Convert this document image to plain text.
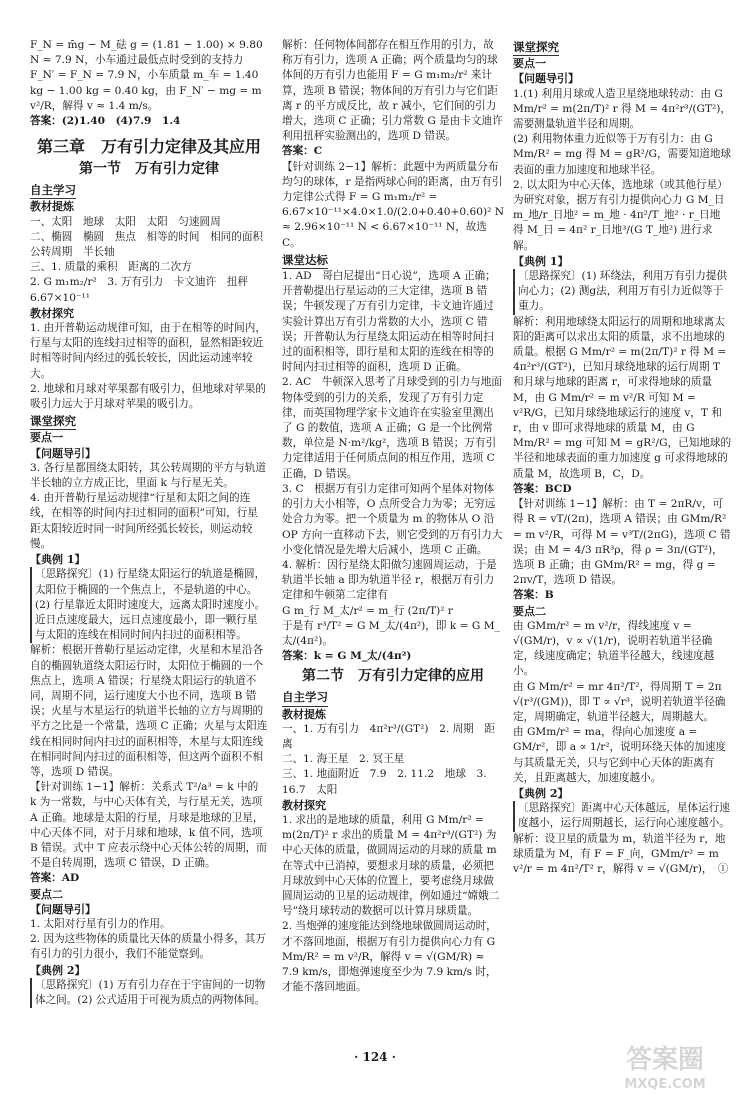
F_N = m̄g − M_砝 g = (1.81 − 1.00) × 9.80 N ≈ 7.9 N，小车通过最低点时受到的支持力 F_N′ = F_N = 7.9 N，小车质量 m_车 = 1.40 kg − 1.00 kg = 0.40 kg，由 F_N′ − mg = m v²/R，解得 v ≈ 1.4 m/s。

答案：(2)1.40　(4)7.9　1.4

第三章　万有引力定律及其应用

第一节　万有引力定律

自主学习

教材提炼

一、太阳　地球　太阳　太阳　匀速圆周

二、椭圆　椭圆　焦点　相等的时间　相同的面积　公转周期　半长轴

三、1. 质量的乘积　距离的二次方

2. G m₁m₂/r²　3. 万有引力　卡文迪许　扭秤　6.67×10⁻¹¹

教材探究

1. 由开普勒运动规律可知，由于在相等的时间内，行星与太阳的连线扫过相等的面积，显然相距较近时相等时间内经过的弧长较长，因此运动速率较大。

2. 地球和月球对苹果都有吸引力，但地球对苹果的吸引力远大于月球对苹果的吸引力。

课堂探究

要点一

【问题导引】

3. 各行星都围绕太阳转，其公转周期的平方与轨道半长轴的立方成正比，里面 k 与行星无关。

4. 由开普勒行星运动规律“行星和太阳之间的连线，在相等的时间内扫过相同的面积”可知，行星距太阳较近时同一时间所经弧长较长，则运动较慢。

【典例 1】

〔思路探究〕(1) 行星绕太阳运行的轨道是椭圆，太阳位于椭圆的一个焦点上，不是轨道的中心。(2) 行星靠近太阳时速度大，远离太阳时速度小。近日点速度最大，远日点速度最小，即一颗行星与太阳的连线在相同时间内扫过的面积相等。

解析：根据开普勒行星运动定律，火星和木星沿各自的椭圆轨道绕太阳运行时，太阳位于椭圆的一个焦点上，选项 A 错误；行星绕太阳运行的轨道不同，周期不同，运行速度大小也不同，选项 B 错误；火星与木星运行的轨道半长轴的立方与周期的平方之比是一个常量，选项 C 正确；火星与太阳连线在相同时间内扫过的面积相等，木星与太阳连线在相同时间内扫过的面积相等，但这两个面积不相等，选项 D 错误。

【针对训练 1−1】解析：关系式 T²/a³ = k 中的 k 为一常数，与中心天体有关，与行星无关，选项 A 正确。地球是太阳的行星，月球是地球的卫星，中心天体不同，对于月球和地球，k 值不同，选项 B 错误。式中 T 应表示绕中心天体公转的周期，而不是自转周期，选项 C 错误，D 正确。

答案：AD

要点二

【问题导引】

1. 太阳对行星有引力的作用。

2. 因为这些物体的质量比天体的质量小得多，其万有引力的引力很小，我们不能觉察到。

【典例 2】

〔思路探究〕(1) 万有引力存在于宇宙间的一切物体之间。(2) 公式适用于可视为质点的两物体间。

解析：任何物体间都存在相互作用的引力，故称万有引力，选项 A 正确；两个质量均匀的球体间的万有引力也能用 F = G m₁m₂/r² 来计算，选项 B 错误；物体间的万有引力与它们距离 r 的平方成反比，故 r 减小，它们间的引力增大，选项 C 正确；引力常数 G 是由卡文迪许利用扭秤实验测出的，选项 D 错误。

答案：C

【针对训练 2−1】解析：此题中为两质量分布均匀的球体，r 是指两球心间的距离，由万有引力定律公式得 F = G m₁m₂/r² = 6.67×10⁻¹¹×4.0×1.0/(2.0+0.40+0.60)² N ≈ 2.96×10⁻¹¹ N < 6.67×10⁻¹¹ N，故选 C。

课堂达标

1. AD　哥白尼提出“日心说”，选项 A 正确；开普勒提出行星运动的三大定律，选项 B 错误；牛顿发现了万有引力定律，卡文迪许通过实验计算出万有引力常数的大小，选项 C 错误；开普勒认为行星绕太阳运动在相等时间扫过的面积相等，即行星和太阳的连线在相等的时间内扫过相等的面积，选项 D 正确。

2. AC　牛顿深入思考了月球受到的引力与地面物体受到的引力的关系，发现了万有引力定律，而英国物理学家卡文迪许在实验室里测出了 G 的数值，选项 A 正确；G 是一个比例常数，单位是 N·m²/kg²，选项 B 错误；万有引力定律适用于任何质点间的相互作用，选项 C 正确，D 错误。

3. C　根据万有引力定律可知两个星体对物体的引力大小相等，O 点所受合力为零；无穷远处合力为零。把一个质量为 m 的物体从 O 沿 OP 方向一直移动下去，则它受到的万有引力大小变化情况是先增大后减小，选项 C 正确。

4. 解析：因行星绕太阳做匀速圆周运动，于是轨道半长轴 a 即为轨道半径 r，根据万有引力定律和牛顿第二定律有

G m_行 M_太/r² = m_行 (2π/T)² r

于是有 r³/T² = G M_太/(4π²)，即 k = G M_太/(4π²)。

答案：k = G M_太/(4π²)

第二节　万有引力定律的应用

自主学习

教材提炼

一、1. 万有引力　4π²r³/(GT²)　2. 周期　距离

二、1. 海王星　2. 冥王星

三、1. 地面附近　7.9　2. 11.2　地球　3. 16.7　太阳

教材探究

1. 求出的是地球的质量，利用 G Mm/r² = m(2π/T)² r 求出的质量 M = 4π²r³/(GT²) 为中心天体的质量，做圆周运动的月球的质量 m 在等式中已消掉，要想求月球的质量，必须把月球放到中心天体的位置上，要考虑绕月球做圆周运动的卫星的运动规律，例如通过“嫦娥二号”绕月球转动的数据可以计算月球质量。

2. 当炮弹的速度能达到绕地球做圆周运动时，才不落回地面，根据万有引力提供向心力有 G Mm/R² = m v²/R，解得 v = √(GM/R) ≈ 7.9 km/s，即炮弹速度至少为 7.9 km/s 时，才能不落回地面。

课堂探究

要点一

【问题导引】

1.(1) 利用月球或人造卫星绕地球转动：由 G Mm/r² = m(2π/T)² r 得 M = 4π²r³/(GT²)，需要测量轨道半径和周期。

(2) 利用物体重力近似等于万有引力：由 G Mm/R² = mg 得 M = gR²/G，需要知道地球表面的重力加速度和地球半径。

2. 以太阳为中心天体，选地球（或其他行星）为研究对象，据万有引力提供向心力 G M_日 m_地/r_日地² = m_地 · 4π²/T_地² · r_日地 得 M_日 = 4π² r_日地³/(G T_地²) 进行求解。

【典例 1】

〔思路探究〕(1) 环绕法，利用万有引力提供向心力；(2) 测g法，利用万有引力近似等于重力。

解析：利用地球绕太阳运行的周期和地球离太阳的距离可以求出太阳的质量，求不出地球的质量。根据 G Mm/r² = m(2π/T)² r 得 M = 4π²r³/(GT²)，已知月球绕地球的运行周期 T 和月球与地球的距离 r，可求得地球的质量 M，由 G Mm/r² = m v²/R 可知 M = v²R/G，已知月球绕地球运行的速度 v，T 和 r，由 v 即可求得地球的质量 M，由 G Mm/R² = mg 可知 M = gR²/G，已知地球的半径和地球表面的重力加速度 g 可求得地球的质量 M，故选项 B，C，D。

答案：BCD

【针对训练 1−1】解析：由 T = 2πR/v，可得 R = vT/(2π)，选项 A 错误；由 GMm/R² = m v²/R，可得 M = v³T/(2πG)，选项 C 错误；由 M = 4/3 πR³ρ，得 ρ = 3π/(GT²)，选项 B 正确；由 GMm/R² = mg，得 g = 2πv/T，选项 D 错误。

答案：B

要点二

由 GMm/r² = m v²/r，得线速度 v = √(GM/r)，v ∝ √(1/r)，说明若轨道半径确定，线速度确定；轨道半径越大，线速度越小。

由 G Mm/r² = mr 4π²/T²，得周期 T = 2π √(r³/(GM))，即 T ∝ √r³，说明若轨道半径确定，周期确定，轨道半径越大，周期越大。

由 GMm/r² = ma，得向心加速度 a = GM/r²，即 a ∝ 1/r²，说明环绕天体的加速度与其质量无关，只与它到中心天体的距离有关，且距离越大，加速度越小。

【典例 2】

〔思路探究〕距离中心天体越远，星体运行速度越小，运行周期越长，运行向心速度越小。

解析：设卫星的质量为 m，轨道半径为 r，地球质量为 M，有 F = F_向，GMm/r² = m v²/r = m 4π²/T² r，解得 v = √(GM/r)，　①

· 124 ·	答案圈
MXQE.COM
